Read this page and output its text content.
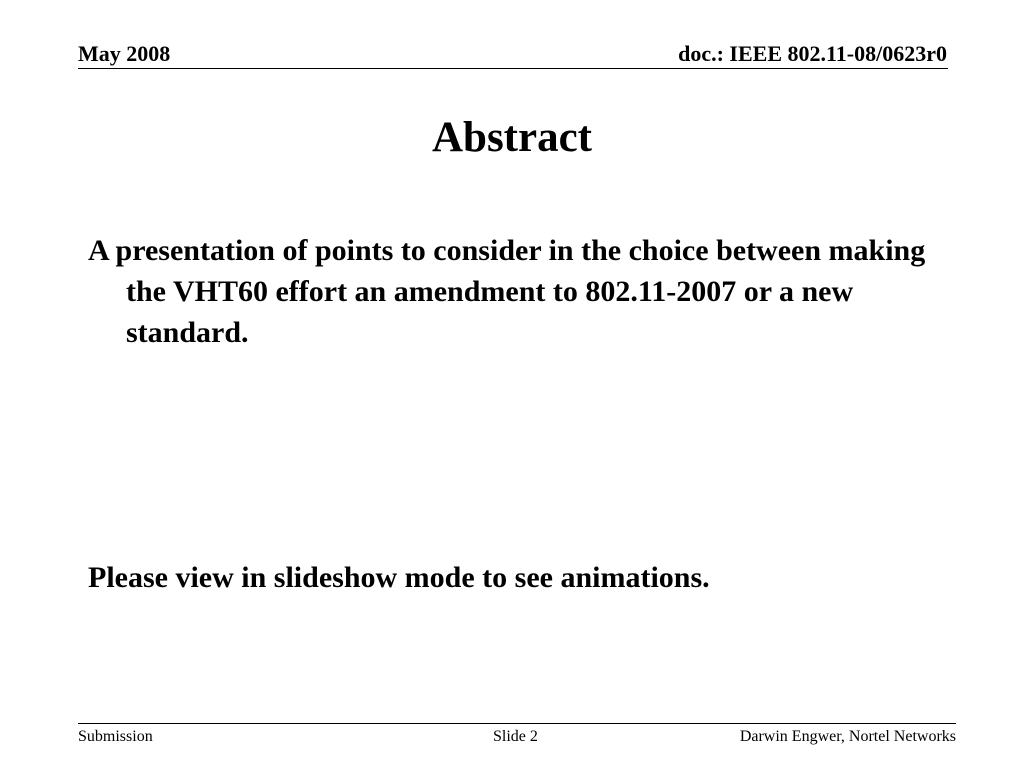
May 2008	doc.: IEEE 802.11-08/0623r0
Abstract
A presentation of points to consider in the choice between making the VHT60 effort an amendment to 802.11-2007 or a new standard.
Please view in slideshow mode to see animations.
Submission	Slide 2	Darwin Engwer, Nortel Networks
